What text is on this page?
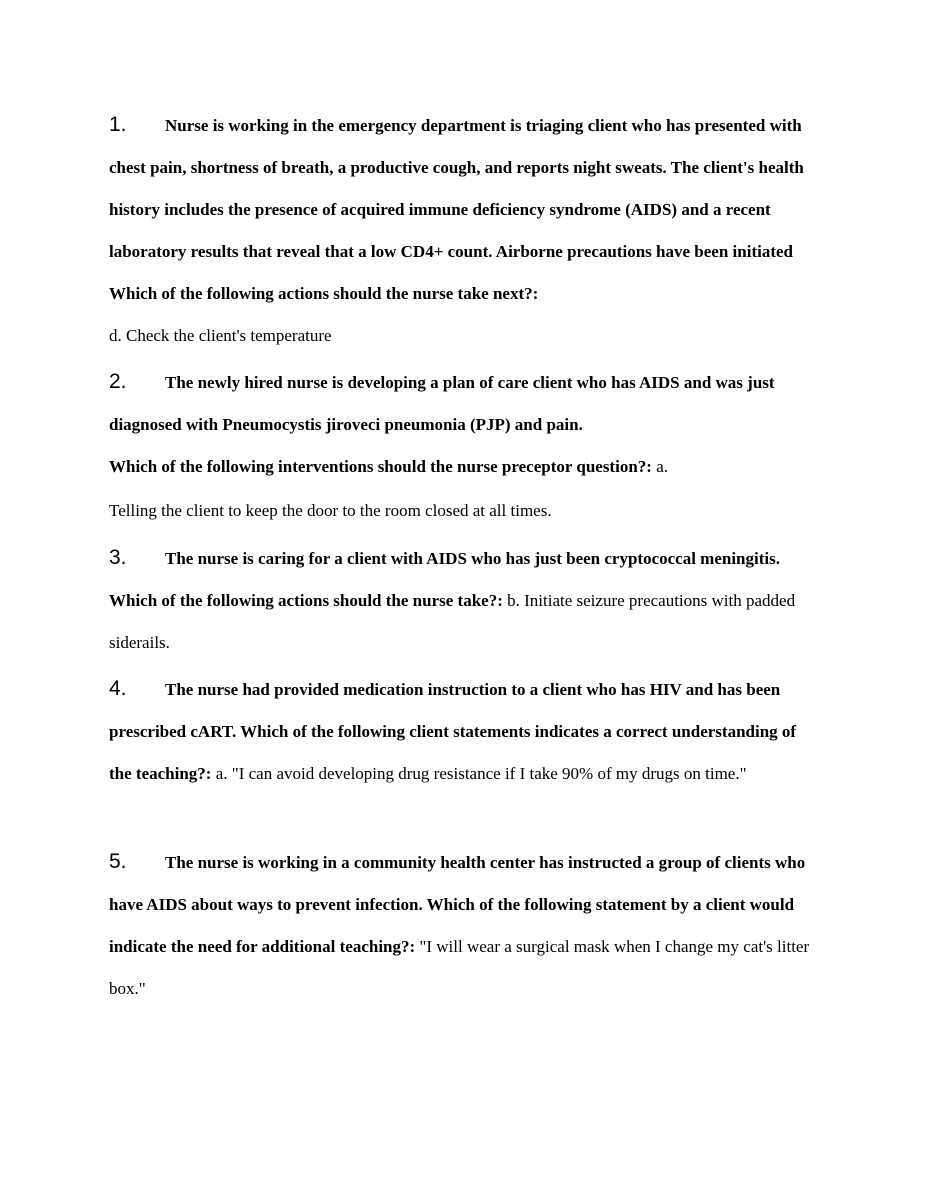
1. Nurse is working in the emergency department is triaging client who has presented with chest pain, shortness of breath, a productive cough, and reports night sweats. The client's health history includes the presence of acquired immune deficiency syndrome (AIDS) and a recent laboratory results that reveal that a low CD4+ count. Airborne precautions have been initiated Which of the following actions should the nurse take next?:
d. Check the client's temperature
2. The newly hired nurse is developing a plan of care client who has AIDS and was just diagnosed with Pneumocystis jiroveci pneumonia (PJP) and pain.
Which of the following interventions should the nurse preceptor question?: a.
Telling the client to keep the door to the room closed at all times.
3. The nurse is caring for a client with AIDS who has just been cryptococcal meningitis. Which of the following actions should the nurse take?: b. Initiate seizure precautions with padded siderails.
4. The nurse had provided medication instruction to a client who has HIV and has been prescribed cART. Which of the following client statements indicates a correct understanding of the teaching?: a. "I can avoid developing drug resistance if I take 90% of my drugs on time."
5. The nurse is working in a community health center has instructed a group of clients who have AIDS about ways to prevent infection. Which of the following statement by a client would indicate the need for additional teaching?: "I will wear a surgical mask when I change my cat's litter box."
